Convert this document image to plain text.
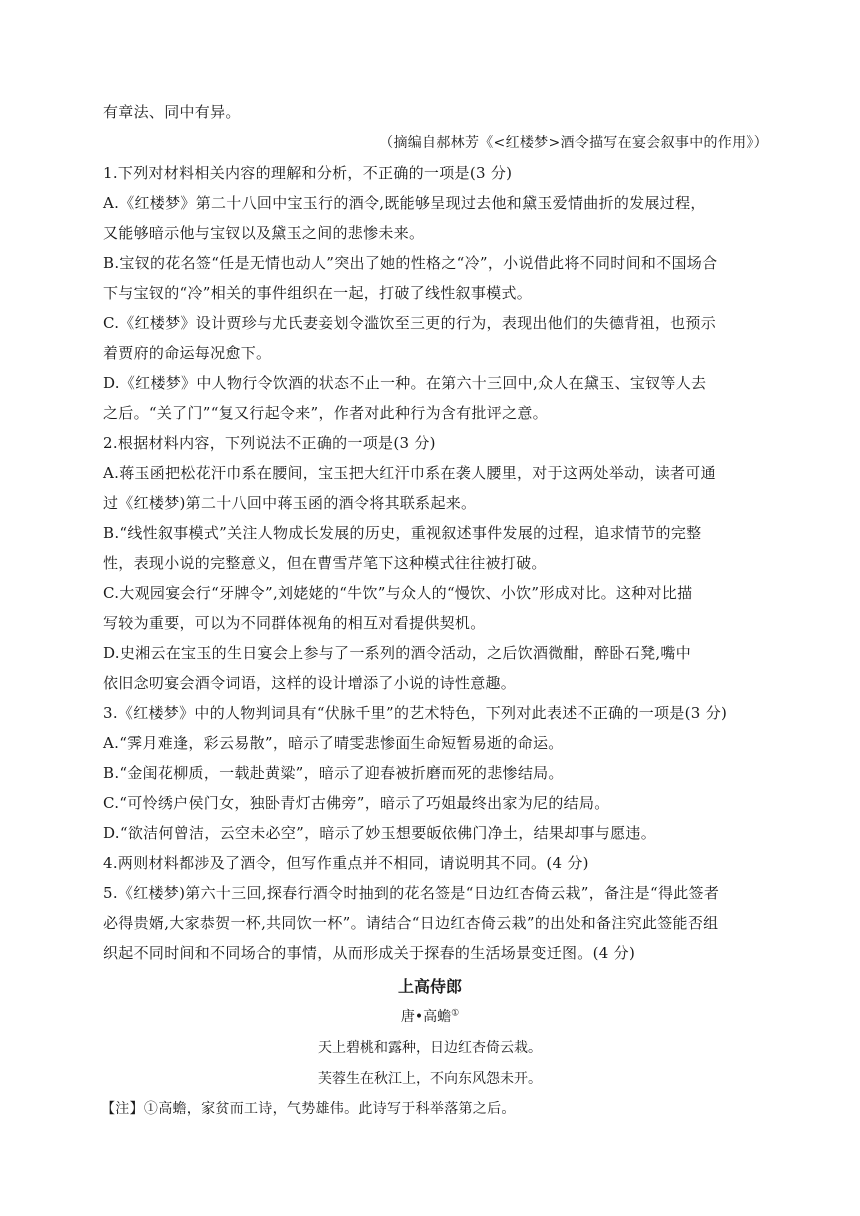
有章法、同中有异。
（摘编自郝林芳《<红楼梦>酒令描写在宴会叙事中的作用》）
1.下列对材料相关内容的理解和分析，不正确的一项是(3 分)
A.《红楼梦》第二十八回中宝玉行的酒令,既能够呈现过去他和黛玉爱情曲折的发展过程，
又能够暗示他与宝钗以及黛玉之间的悲惨未来。
B.宝钗的花名签“任是无情也动人”突出了她的性格之“冷”，小说借此将不同时间和不国场合
下与宝钗的“冷”相关的事件组织在一起，打破了线性叙事模式。
C.《红楼梦》设计贾珍与尤氏妻妾划令滥饮至三更的行为，表现出他们的失德背祖，也预示
着贾府的命运每况愈下。
D.《红楼梦》中人物行令饮酒的状态不止一种。在第六十三回中,众人在黛玉、宝钗等人去
之后。“关了门”“复又行起令来”，作者对此种行为含有批评之意。
2.根据材料内容，下列说法不正确的一项是(3 分)
A.蒋玉函把松花汗巾系在腰间，宝玉把大红汗巾系在袭人腰里，对于这两处举动，读者可通
过《红楼梦)第二十八回中蒋玉函的酒令将其联系起来。
B.“线性叙事模式”关注人物成长发展的历史，重视叙述事件发展的过程，追求情节的完整
性，表现小说的完整意义，但在曹雪芹笔下这种模式往往被打破。
C.大观园宴会行“牙牌令”,刘姥姥的“牛饮”与众人的“慢饮、小饮”形成对比。这种对比描
写较为重要，可以为不同群体视角的相互对看提供契机。
D.史湘云在宝玉的生日宴会上参与了一系列的酒令活动，之后饮酒微酣，醉卧石凳,嘴中
依旧念叨宴会酒令词语，这样的设计增添了小说的诗性意趣。
3.《红楼梦》中的人物判词具有“伏脉千里”的艺术特色，下列对此表述不正确的一项是(3 分)
A.“霁月难逢，彩云易散”，暗示了晴雯悲惨面生命短暂易逝的命运。
B.“金闺花柳质，一载赴黄粱”，暗示了迎春被折磨而死的悲惨结局。
C.“可怜绣户侯门女，独卧青灯古佛旁”，暗示了巧姐最终出家为尼的结局。
D.“欲洁何曾洁，云空未必空”，暗示了妙玉想要皈依佛门净土，结果却事与愿违。
4.两则材料都涉及了酒令，但写作重点并不相同，请说明其不同。(4 分)
5.《红楼梦)第六十三回,探春行酒令时抽到的花名签是“日边红杏倚云栽”，备注是“得此签者
必得贵婿,大家恭贺一杯,共同饮一杯”。请结合“日边红杏倚云栽”的出处和备注究此签能否组
织起不同时间和不同场合的事情，从而形成关于探春的生活场景变迁图。(4 分)
上高侍郎
唐•高蟾①
天上碧桃和露种，日边红杏倚云栽。
芙蓉生在秋江上，不向东风怨未开。
【注】①高蟾，家贫而工诗，气势雄伟。此诗写于科举落第之后。
